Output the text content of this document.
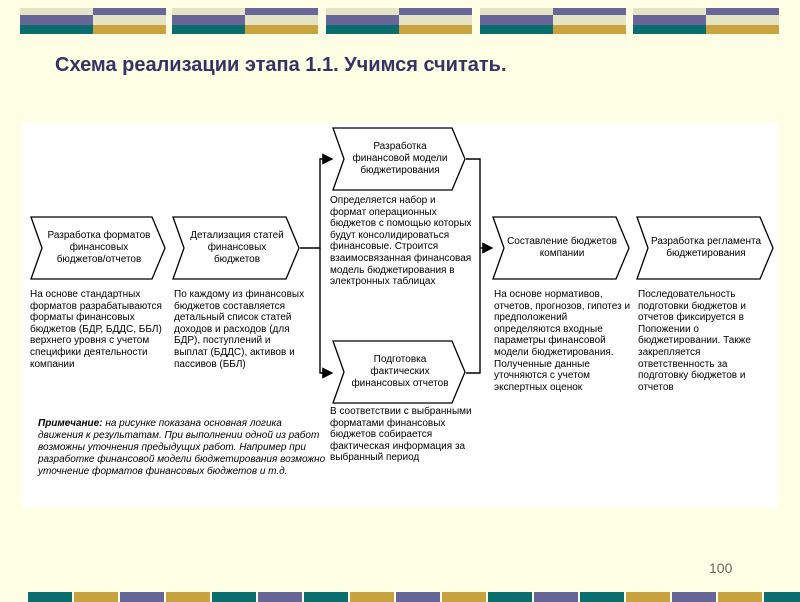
Схема реализации этапа 1.1. Учимся считать.
Разработка форматов финансовых бюджетов/отчетов
Детализация статей финансовых бюджетов
Разработка финансовой модели бюджетирования
Подготовка фактических финансовых отчетов
Составление бюджетов компании
Разработка регламента бюджетирования
На основе стандартных форматов разрабатываются форматы финансовых бюджетов (БДР, БДДС, ББЛ) верхнего уровня с учетом специфики деятельности компании
По каждому из финансовых бюджетов составляется детальный список статей доходов и расходов (для БДР), поступлений и выплат (БДДС), активов и пассивов (ББЛ)
Определяется набор и формат операционных бюджетов с помощью которых будут консолидироваться финансовые. Строится взаимосвязанная финансовая модель бюджетирования в электронных таблицах
В соответствии с выбранными форматами финансовых бюджетов собирается фактическая информация за выбранный период
На основе нормативов, отчетов, прогнозов, гипотез и предположений определяются входные параметры финансовой модели бюджетирования. Полученные данные уточняются с учетом экспертных оценок
Последовательность подготовки бюджетов и отчетов фиксируется в Попожении о бюджетировании. Также закрепляется ответственность за подготовку бюджетов и отчетов
Примечание: на рисунке показана основная логика движения к результатам. При выполнении одной из работ возможны уточнения предыдущих работ. Например при разработке финансовой модели бюджетирования возможно уточнение форматов финансовых бюджетов и т.д.
100
